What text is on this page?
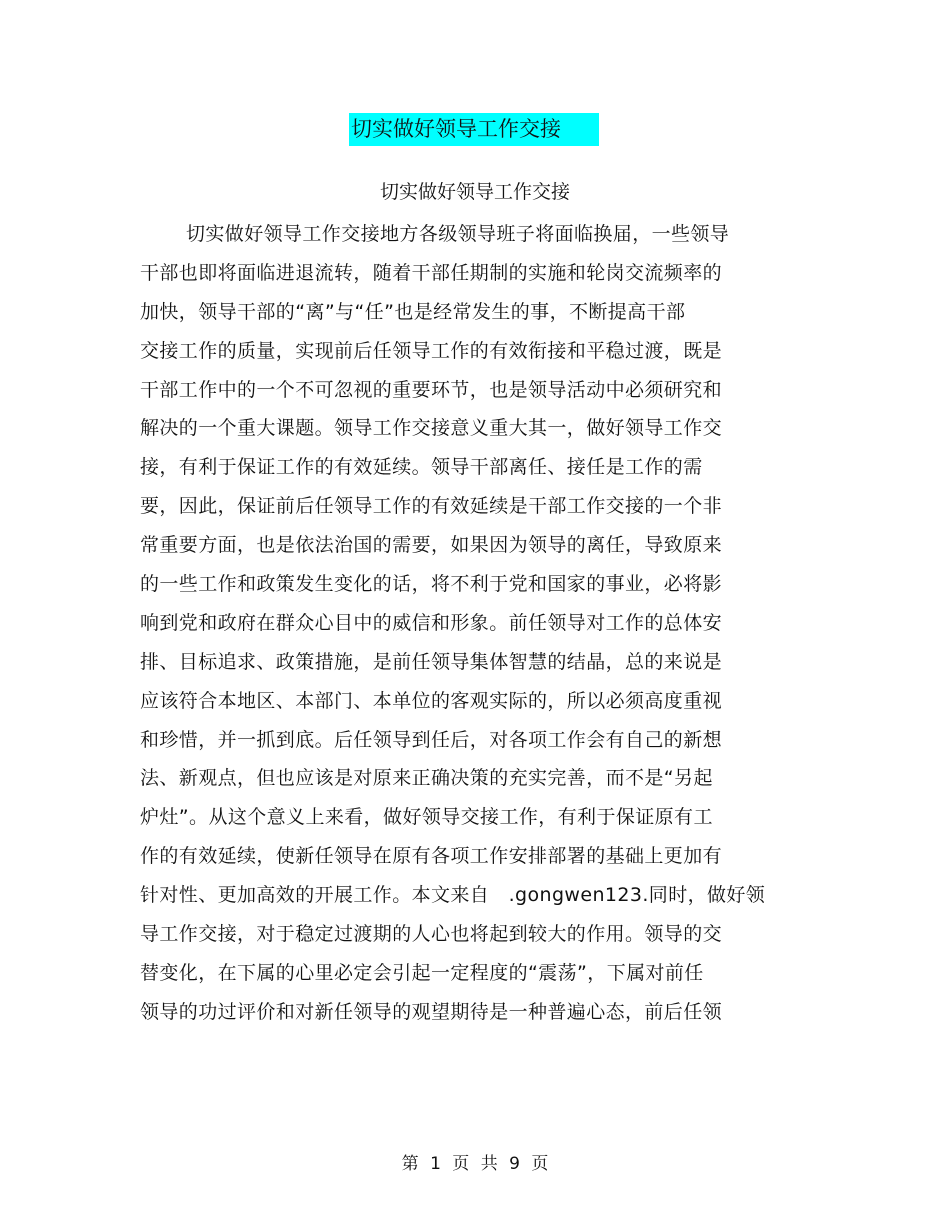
切实做好领导工作交接
切实做好领导工作交接
切实做好领导工作交接地方各级领导班子将面临换届，一些领导
干部也即将面临进退流转，随着干部任期制的实施和轮岗交流频率的
加快，领导干部的“离”与“任”也是经常发生的事，不断提高干部
交接工作的质量，实现前后任领导工作的有效衔接和平稳过渡，既是
干部工作中的一个不可忽视的重要环节，也是领导活动中必须研究和
解决的一个重大课题。领导工作交接意义重大其一，做好领导工作交
接，有利于保证工作的有效延续。领导干部离任、接任是工作的需
要，因此，保证前后任领导工作的有效延续是干部工作交接的一个非
常重要方面，也是依法治国的需要，如果因为领导的离任，导致原来
的一些工作和政策发生变化的话，将不利于党和国家的事业，必将影
响到党和政府在群众心目中的威信和形象。前任领导对工作的总体安
排、目标追求、政策措施，是前任领导集体智慧的结晶，总的来说是
应该符合本地区、本部门、本单位的客观实际的，所以必须高度重视
和珍惜，并一抓到底。后任领导到任后，对各项工作会有自己的新想
法、新观点，但也应该是对原来正确决策的充实完善，而不是“另起
炉灶”。从这个意义上来看，做好领导交接工作，有利于保证原有工
作的有效延续，使新任领导在原有各项工作安排部署的基础上更加有
针对性、更加高效的开展工作。本文来自　.gongwen123.同时，做好领
导工作交接，对于稳定过渡期的人心也将起到较大的作用。领导的交
替变化，在下属的心里必定会引起一定程度的“震荡”，下属对前任
领导的功过评价和对新任领导的观望期待是一种普遍心态，前后任领
第 1 页 共 9 页
